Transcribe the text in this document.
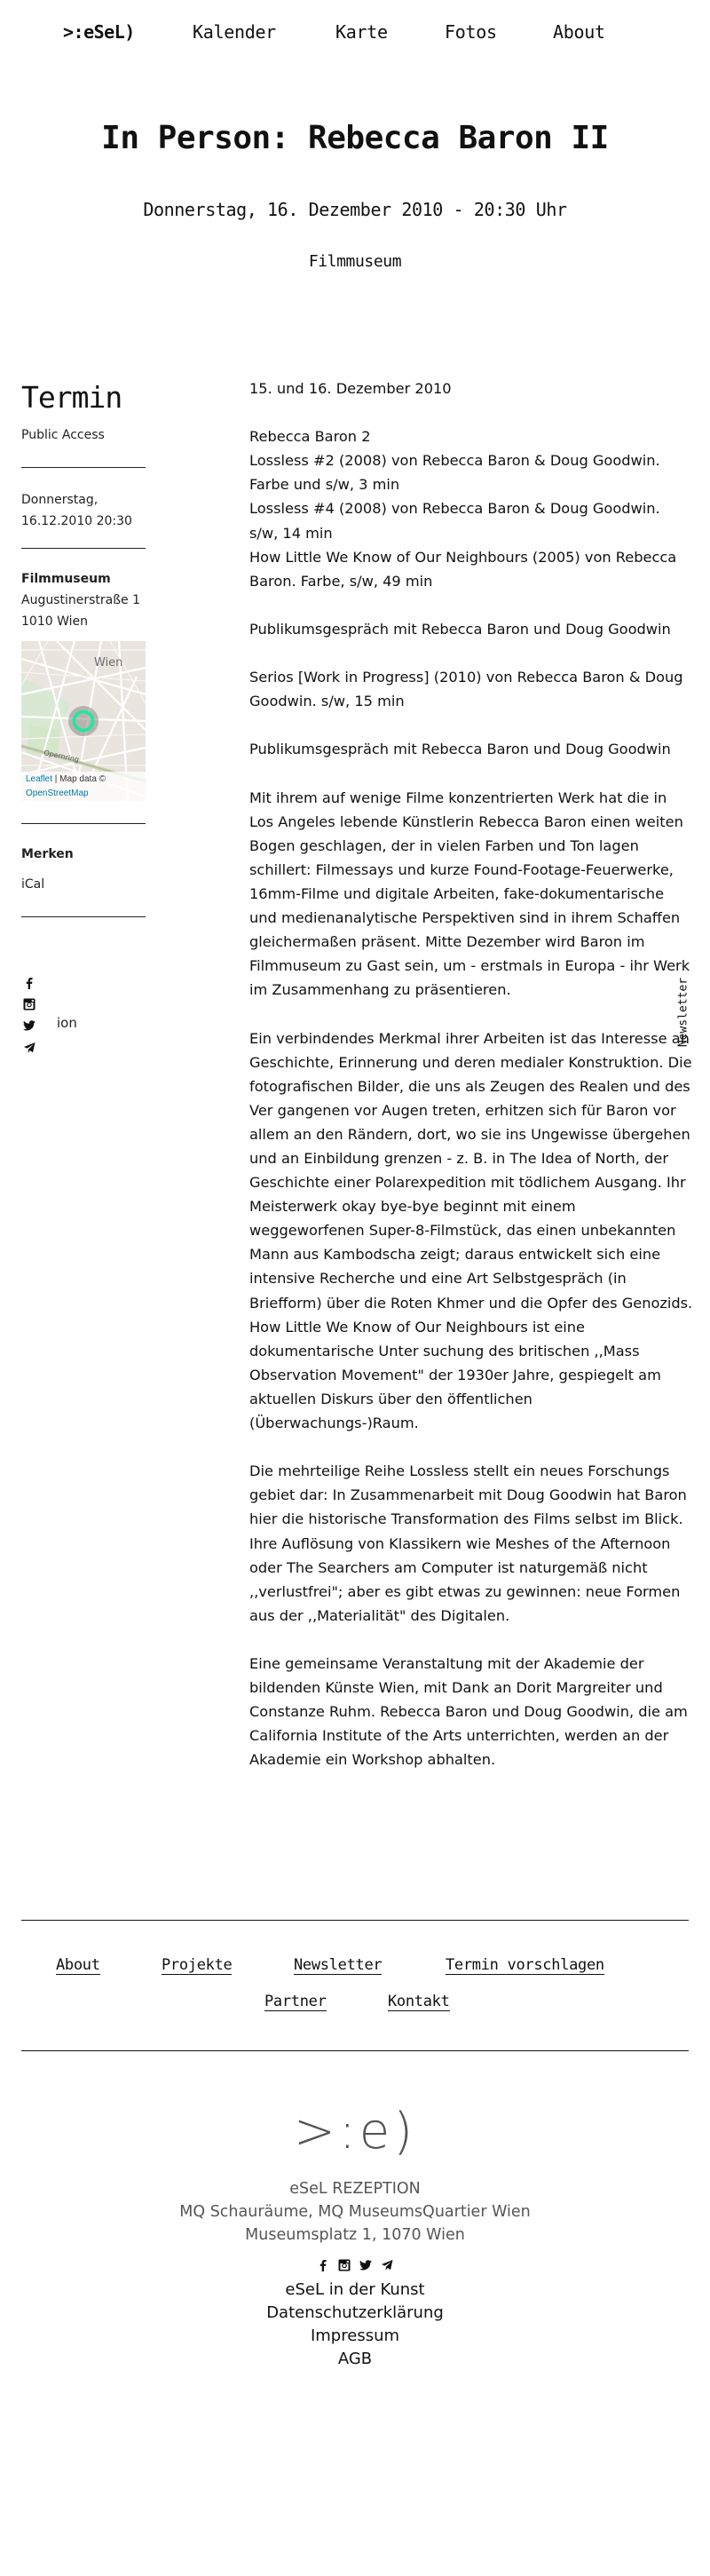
>:eSeL)	Kalender	Karte	Fotos	About
In Person: Rebecca Baron II
Donnerstag, 16. Dezember 2010 - 20:30 Uhr
Filmmuseum
Termin
Public Access
Donnerstag,
16.12.2010 20:30
Filmmuseum
Augustinerstraße 1
1010 Wien
Wien
Opernring
Leaflet | Map data ©
OpenStreetMap
Merken
iCal
ion

15. und 16. Dezember 2010

Rebecca Baron 2
Lossless #2 (2008) von Rebecca Baron & Doug Goodwin. Farbe und s/w, 3 min
Lossless #4 (2008) von Rebecca Baron & Doug Goodwin. s/w, 14 min
How Little We Know of Our Neighbours (2005) von Rebecca Baron. Farbe, s/w, 49 min

Publikumsgespräch mit Rebecca Baron und Doug Goodwin

Serios [Work in Progress] (2010) von Rebecca Baron & Doug Goodwin. s/w, 15 min

Publikumsgespräch mit Rebecca Baron und Doug Goodwin

Mit ihrem auf wenige Filme konzentrierten Werk hat die in Los Angeles lebende Künstlerin Rebecca Baron einen weiten Bogen geschlagen, der in vielen Farben und Ton lagen schillert: Filmessays und kurze Found-Footage-Feuerwerke, 16mm-Filme und digitale Arbeiten, fake-dokumentarische und medienanalytische Perspektiven sind in ihrem Schaffen gleichermaßen präsent. Mitte Dezember wird Baron im Filmmuseum zu Gast sein, um - erstmals in Europa - ihr Werk im Zusammenhang zu präsentieren.

Ein verbindendes Merkmal ihrer Arbeiten ist das Interesse an Geschichte, Erinnerung und deren medialer Konstruktion. Die fotografischen Bilder, die uns als Zeugen des Realen und des Ver gangenen vor Augen treten, erhitzen sich für Baron vor allem an den Rändern, dort, wo sie ins Ungewisse übergehen und an Einbildung grenzen - z. B. in The Idea of North, der Geschichte einer Polarexpedition mit tödlichem Ausgang. Ihr Meisterwerk okay bye-bye beginnt mit einem weggeworfenen Super-8-Filmstück, das einen unbekannten Mann aus Kambodscha zeigt; daraus entwickelt sich eine intensive Recherche und eine Art Selbstgespräch (in Briefform) über die Roten Khmer und die Opfer des Genozids. How Little We Know of Our Neighbours ist eine dokumentarische Unter suchung des britischen ,,Mass Observation Movement" der 1930er Jahre, gespiegelt am aktuellen Diskurs über den öffentlichen (Überwachungs-)Raum.

Die mehrteilige Reihe Lossless stellt ein neues Forschungs gebiet dar: In Zusammenarbeit mit Doug Goodwin hat Baron hier die historische Transformation des Films selbst im Blick. Ihre Auflösung von Klassikern wie Meshes of the Afternoon oder The Searchers am Computer ist naturgemäß nicht ,,verlustfrei"; aber es gibt etwas zu gewinnen: neue Formen aus der ,,Materialität" des Digitalen.

Eine gemeinsame Veranstaltung mit der Akademie der bildenden Künste Wien, mit Dank an Dorit Margreiter und Constanze Ruhm. Rebecca Baron und Doug Goodwin, die am California Institute of the Arts unterrichten, werden an der Akademie ein Workshop abhalten.

Newsletter
About	Projekte	Newsletter	Termin vorschlagen
Partner	Kontakt
>:e)
eSeL REZEPTION
MQ Schauräume, MQ MuseumsQuartier Wien
Museumsplatz 1, 1070 Wien
eSeL in der Kunst
Datenschutzerklärung
Impressum
AGB
